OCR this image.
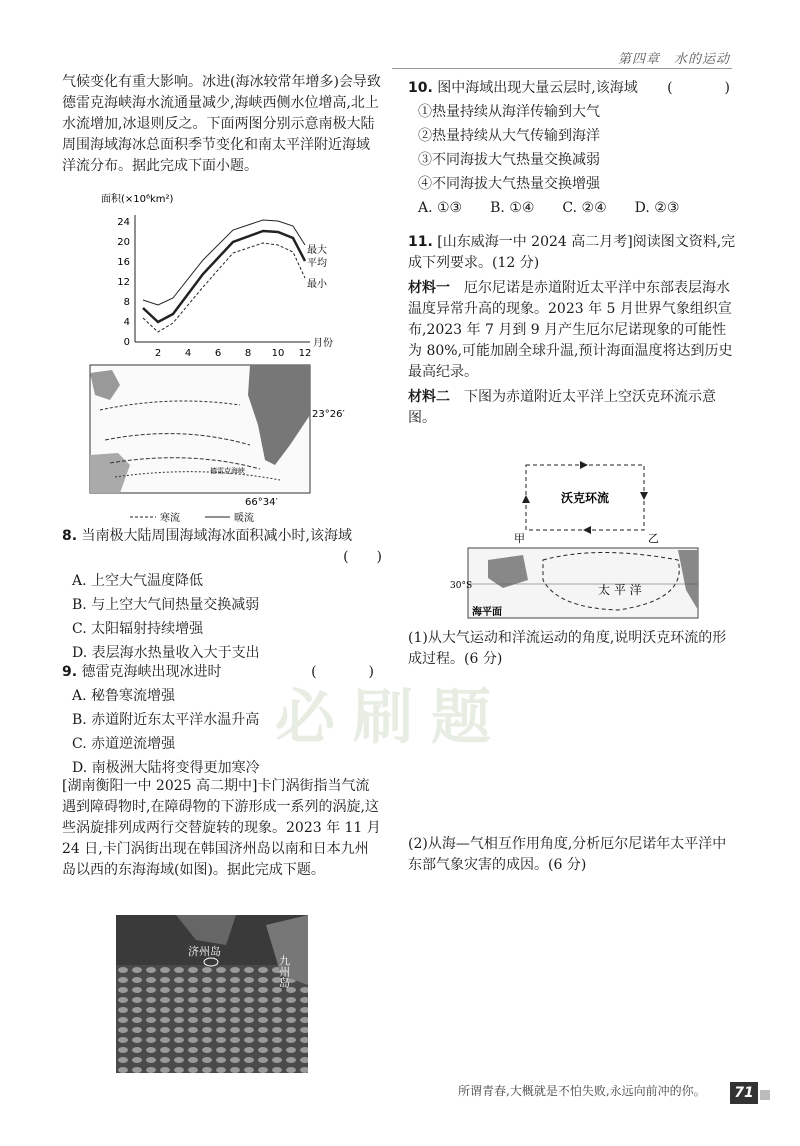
第四章　水的运动
必刷题
气候变化有重大影响。冰进(海冰较常年增多)会导致德雷克海峡海水流通量减少,海峡西侧水位增高,北上水流增加,冰退则反之。下面两图分别示意南极大陆周围海域海冰总面积季节变化和南太平洋附近海域洋流分布。据此完成下面小题。
面积(×10⁶km²)
0
4
8
12
16
20
24
2 4 6 8 10 12
月份
最大
平均
最小
23°26′
德雷克海峡
66°34′
寒流	暖流

8. 当南极大陆周围海域海冰面积减小时,该海域

(　　)

A. 上空大气温度降低
B. 与上空大气间热量交换减弱
C. 太阳辐射持续增强
D. 表层海水热量收入大于支出

9. 德雷克海峡出现冰进时	(　　)

A. 秘鲁寒流增强
B. 赤道附近东太平洋水温升高
C. 赤道逆流增强
D. 南极洲大陆将变得更加寒冷
[湖南衡阳一中 2025 高二期中]卡门涡街指当气流遇到障碍物时,在障碍物的下游形成一系列的涡旋,这些涡旋排列成两行交替旋转的现象。2023 年 11 月 24 日,卡门涡街出现在韩国济州岛以南和日本九州岛以西的东海海域(如图)。据此完成下题。
济州岛
九州岛

10. 图中海域出现大量云层时,该海域 (　　)

①热量持续从海洋传输到大气
②热量持续从大气传输到海洋
③不同海拔大气热量交换减弱
④不同海拔大气热量交换增强
A. ①③ B. ①④ C. ②④ D. ②③

11. [山东威海一中 2024 高二月考]阅读图文资料,完成下列要求。(12 分)

材料一　 厄尔尼诺是赤道附近太平洋中东部表层海水温度异常升高的现象。2023 年 5 月世界气象组织宣布,2023 年 7 月到 9 月产生厄尔尼诺现象的可能性为 80%,可能加剧全球升温,预计海面温度将达到历史最高纪录。

材料二　 下图为赤道附近太平洋上空沃克环流示意图。

沃克环流
甲	乙
30°S
海平面
太 平 洋
(1)从大气运动和洋流运动的角度,说明沃克环流的形成过程。(6 分)
(2)从海—气相互作用角度,分析厄尔尼诺年太平洋中东部气象灾害的成因。(6 分)
所谓青春,大概就是不怕失败,永远向前冲的你。	71
